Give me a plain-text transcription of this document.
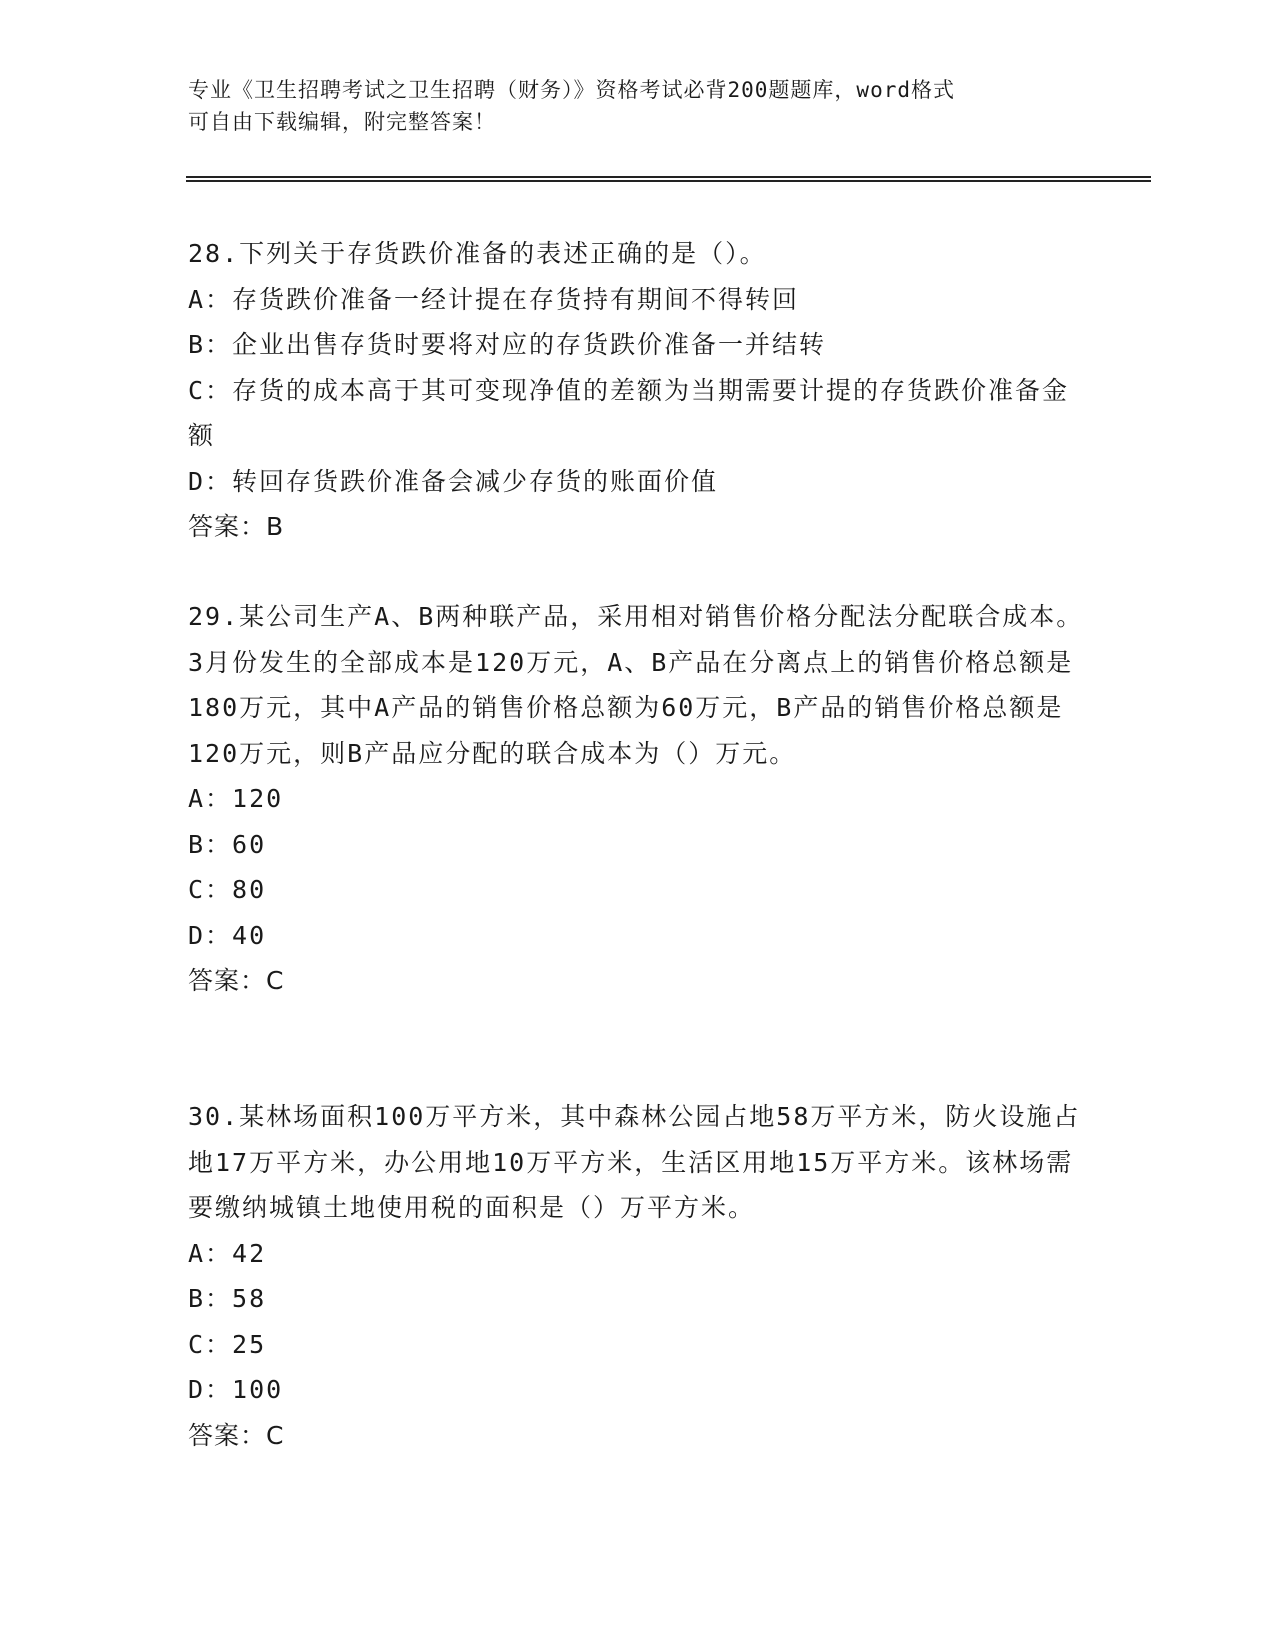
专业《卫生招聘考试之卫生招聘（财务）》资格考试必背200题题库，word格式
可自由下载编辑，附完整答案！
28.下列关于存货跌价准备的表述正确的是（）。
A：存货跌价准备一经计提在存货持有期间不得转回
B：企业出售存货时要将对应的存货跌价准备一并结转
C：存货的成本高于其可变现净值的差额为当期需要计提的存货跌价准备金额
D：转回存货跌价准备会减少存货的账面价值
答案：B
29.某公司生产A、B两种联产品，采用相对销售价格分配法分配联合成本。3月份发生的全部成本是120万元，A、B产品在分离点上的销售价格总额是180万元，其中A产品的销售价格总额为60万元，B产品的销售价格总额是120万元，则B产品应分配的联合成本为（）万元。
A：120
B：60
C：80
D：40
答案：C
30.某林场面积100万平方米，其中森林公园占地58万平方米，防火设施占地17万平方米，办公用地10万平方米，生活区用地15万平方米。该林场需要缴纳城镇土地使用税的面积是（）万平方米。
A：42
B：58
C：25
D：100
答案：C
